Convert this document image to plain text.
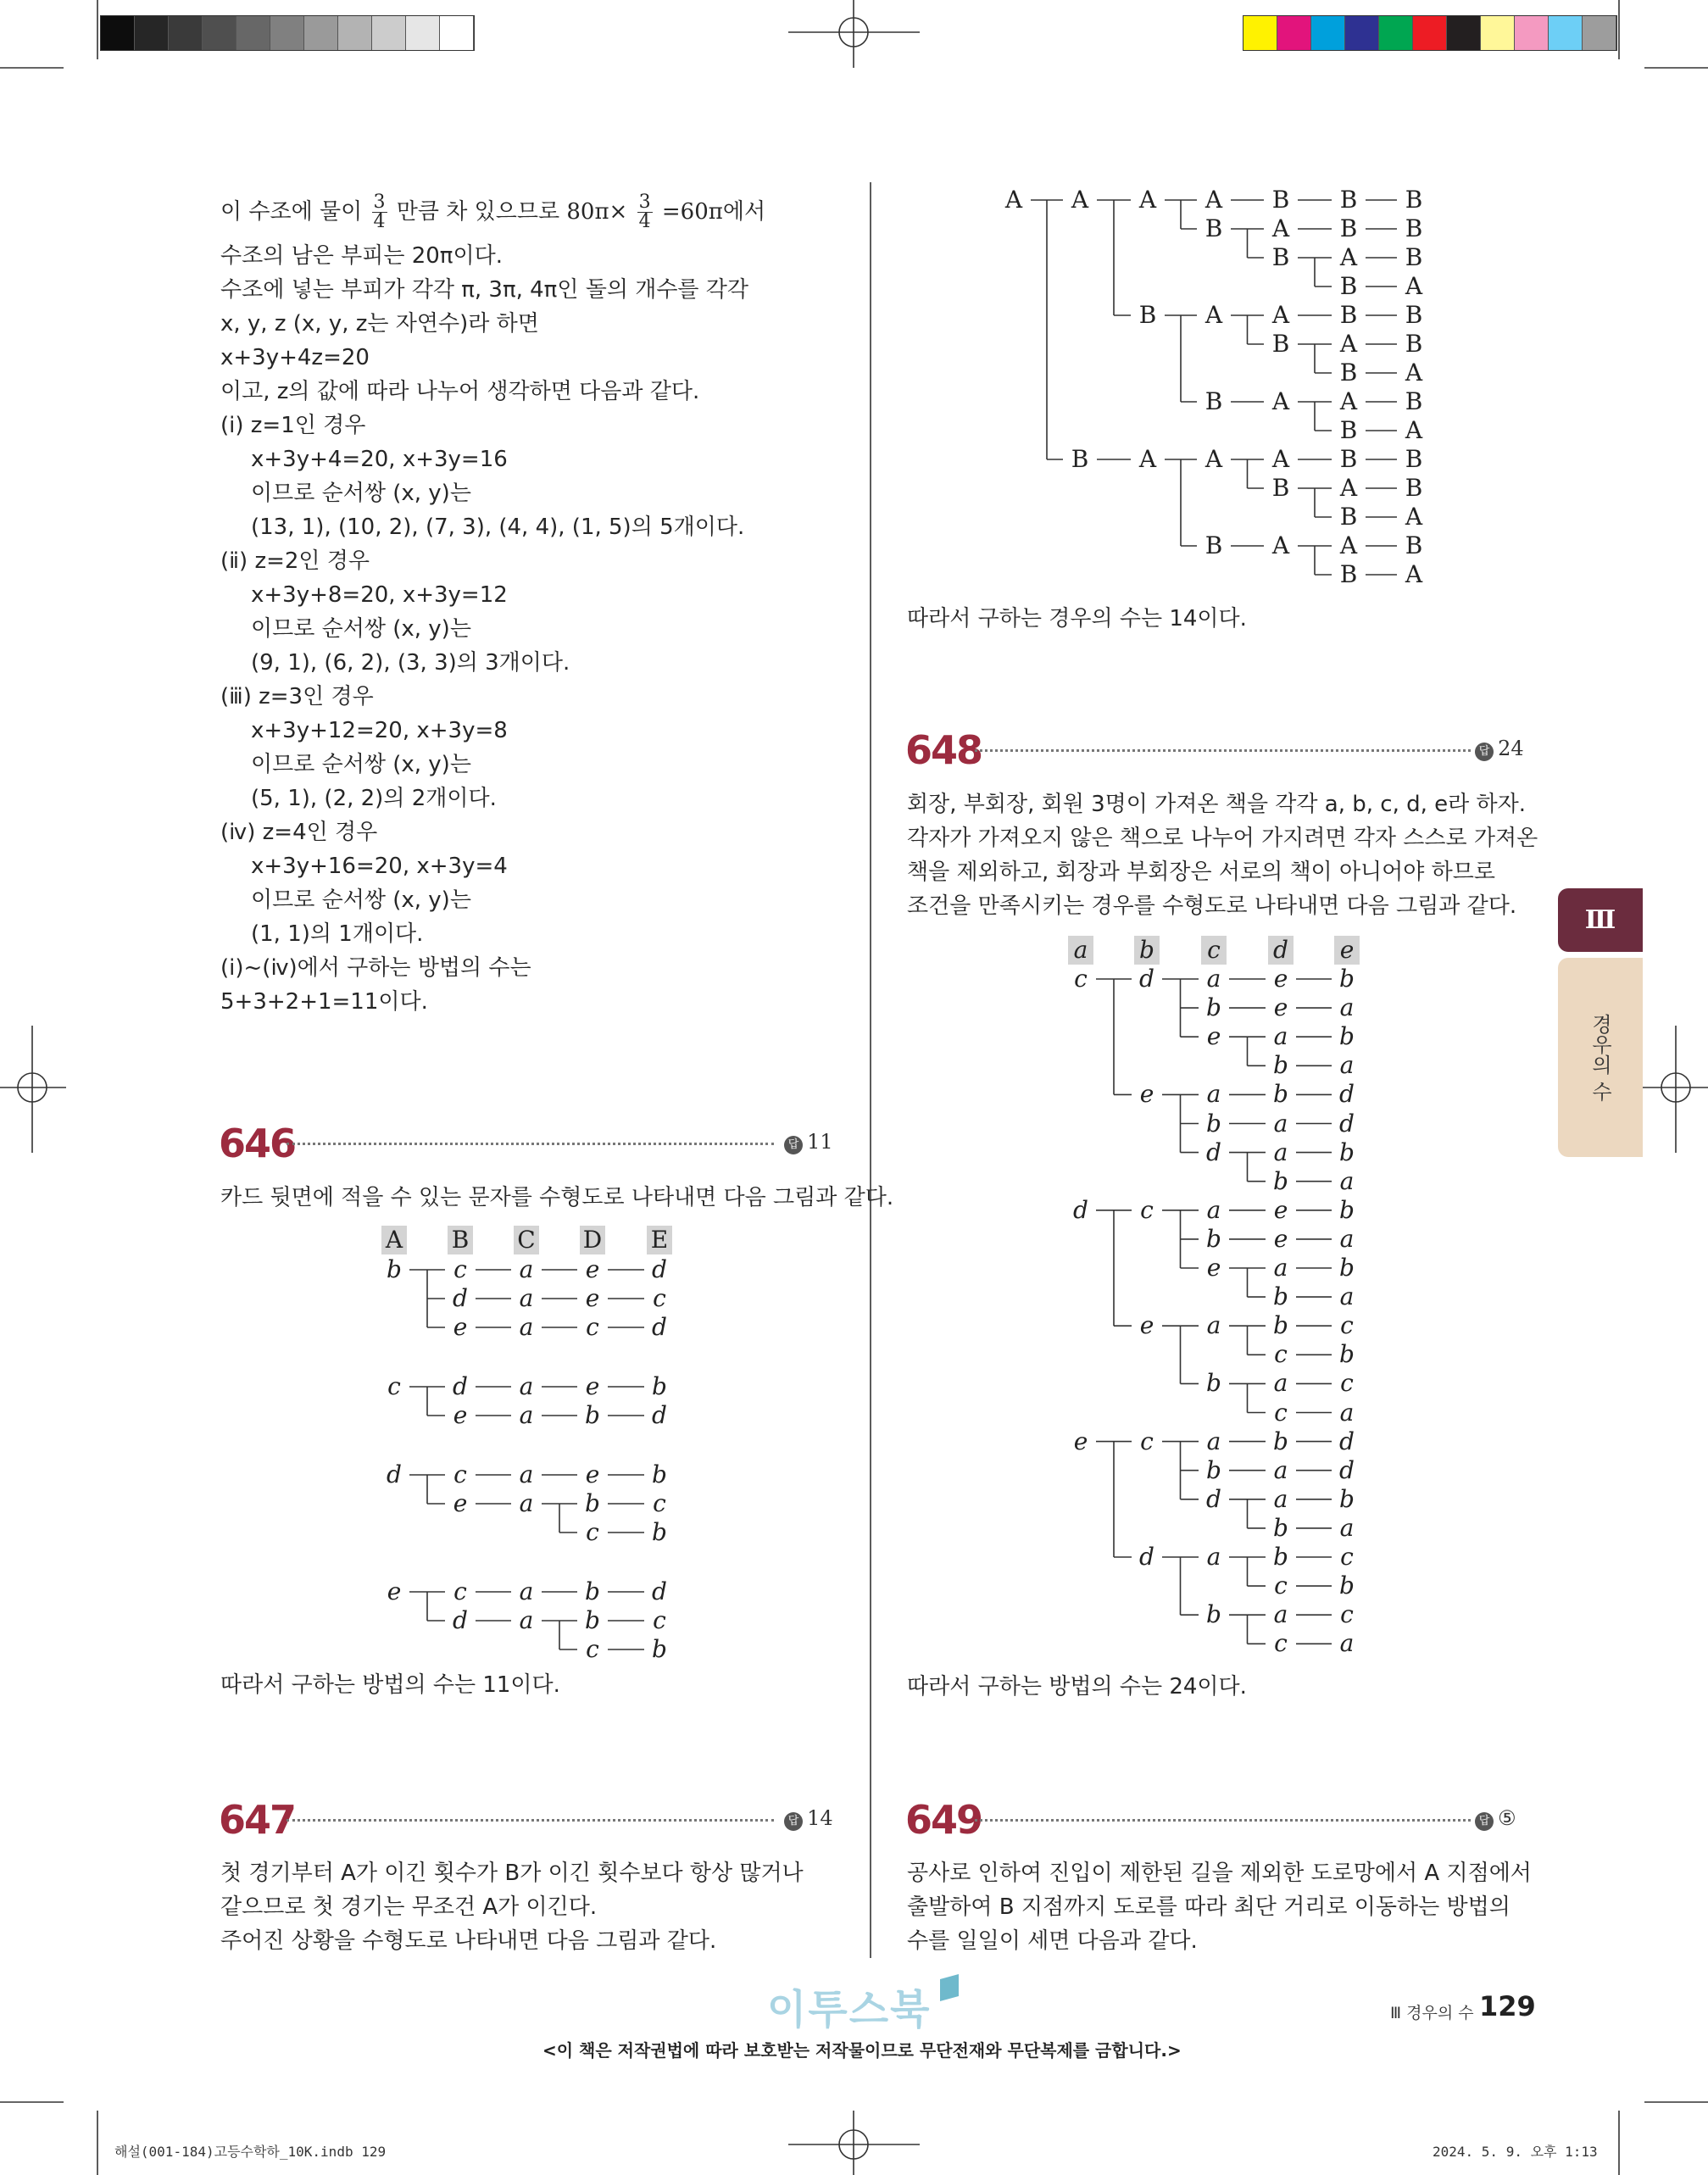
이 수조에 물이 $\frac{3}{4}$ 만큼 차 있으므로 $80\pi\times \frac{3}{4} =60\pi$에서
수조의 남은 부피는 20π이다.
수조에 넣는 부피가 각각 π, 3π, 4π인 돌의 개수를 각각
x, y, z (x, y, z는 자연수)라 하면
x+3y+4z=20
이고, z의 값에 따라 나누어 생각하면 다음과 같다.
(ⅰ) z=1인 경우
x+3y+4=20, x+3y=16
이므로 순서쌍 (x, y)는
(13, 1), (10, 2), (7, 3), (4, 4), (1, 5)의 5개이다.
(ⅱ) z=2인 경우
x+3y+8=20, x+3y=12
이므로 순서쌍 (x, y)는
(9, 1), (6, 2), (3, 3)의 3개이다.
(ⅲ) z=3인 경우
x+3y+12=20, x+3y=8
이므로 순서쌍 (x, y)는
(5, 1), (2, 2)의 2개이다.
(ⅳ) z=4인 경우
x+3y+16=20, x+3y=4
이므로 순서쌍 (x, y)는
(1, 1)의 1개이다.
(ⅰ)~(ⅳ)에서 구하는 방법의 수는
5+3+2+1=11이다.
646	답 11
카드 뒷면에 적을 수 있는 문자를 수형도로 나타내면 다음 그림과 같다.
A B C D E
b c a e d
d a e c
e a c d
c d a e b
e a b d
d c a e b
e a b c
c b
e c a b d
d a b c
c b
따라서 구하는 방법의 수는 11이다.
647	답 14
첫 경기부터 A가 이긴 횟수가 B가 이긴 횟수보다 항상 많거나
같으므로 첫 경기는 무조건 A가 이긴다.
주어진 상황을 수형도로 나타내면 다음 그림과 같다.
A A A A B B B
B A B B
B A B
B A
B A A B B
B A B
B A
B A A B
B A
B A A A B B
B A B
B A
B A A B
B A
따라서 구하는 경우의 수는 14이다.
648	답 24
회장, 부회장, 회원 3명이 가져온 책을 각각 a, b, c, d, e라 하자.
각자가 가져오지 않은 책으로 나누어 가지려면 각자 스스로 가져온
책을 제외하고, 회장과 부회장은 서로의 책이 아니어야 하므로
조건을 만족시키는 경우를 수형도로 나타내면 다음 그림과 같다.
a b c d e
c d a e b
b e a
e a b
b a
e a b d
b a d
d a b
b a
d c a e b
b e a
e a b
b a
e a b c
c b
b a c
c a
e c a b d
b a d
d a b
b a
d a b c
c b
b a c
c a
따라서 구하는 방법의 수는 24이다.
649	답 ⑤
공사로 인하여 진입이 제한된 길을 제외한 도로망에서 A 지점에서
출발하여 B 지점까지 도로를 따라 최단 거리로 이동하는 방법의
수를 일일이 세면 다음과 같다.
Ⅲ
경우의 수
이투스북	Ⅲ 경우의 수 129
<이 책은 저작권법에 따라 보호받는 저작물이므로 무단전재와 무단복제를 금합니다.>
해설(001-184)고등수학하_10K.indb 129	2024. 5. 9. 오후 1:13
